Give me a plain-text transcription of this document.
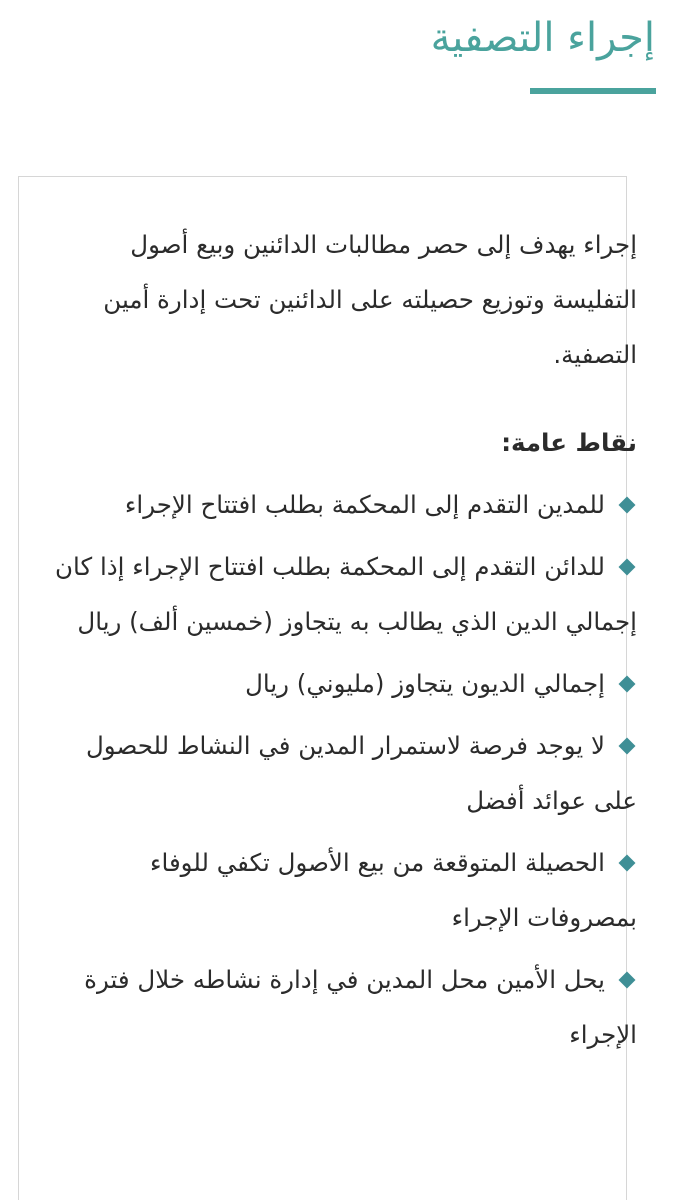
إجراء التصفية

إجراء يهدف إلى حصر مطالبات الدائنين وبيع أصول التفليسة وتوزيع حصيلته على الدائنين تحت إدارة أمين التصفية.

نقاط عامة:

للمدين التقدم إلى المحكمة بطلب افتتاح الإجراء
للدائن التقدم إلى المحكمة بطلب افتتاح الإجراء إذا كان إجمالي الدين الذي يطالب به يتجاوز (خمسين ألف) ريال
إجمالي الديون يتجاوز (مليوني) ريال
لا يوجد فرصة لاستمرار المدين في النشاط للحصول على عوائد أفضل
الحصيلة المتوقعة من بيع الأصول تكفي للوفاء بمصروفات الإجراء
يحل الأمين محل المدين في إدارة نشاطه خلال فترة الإجراء
